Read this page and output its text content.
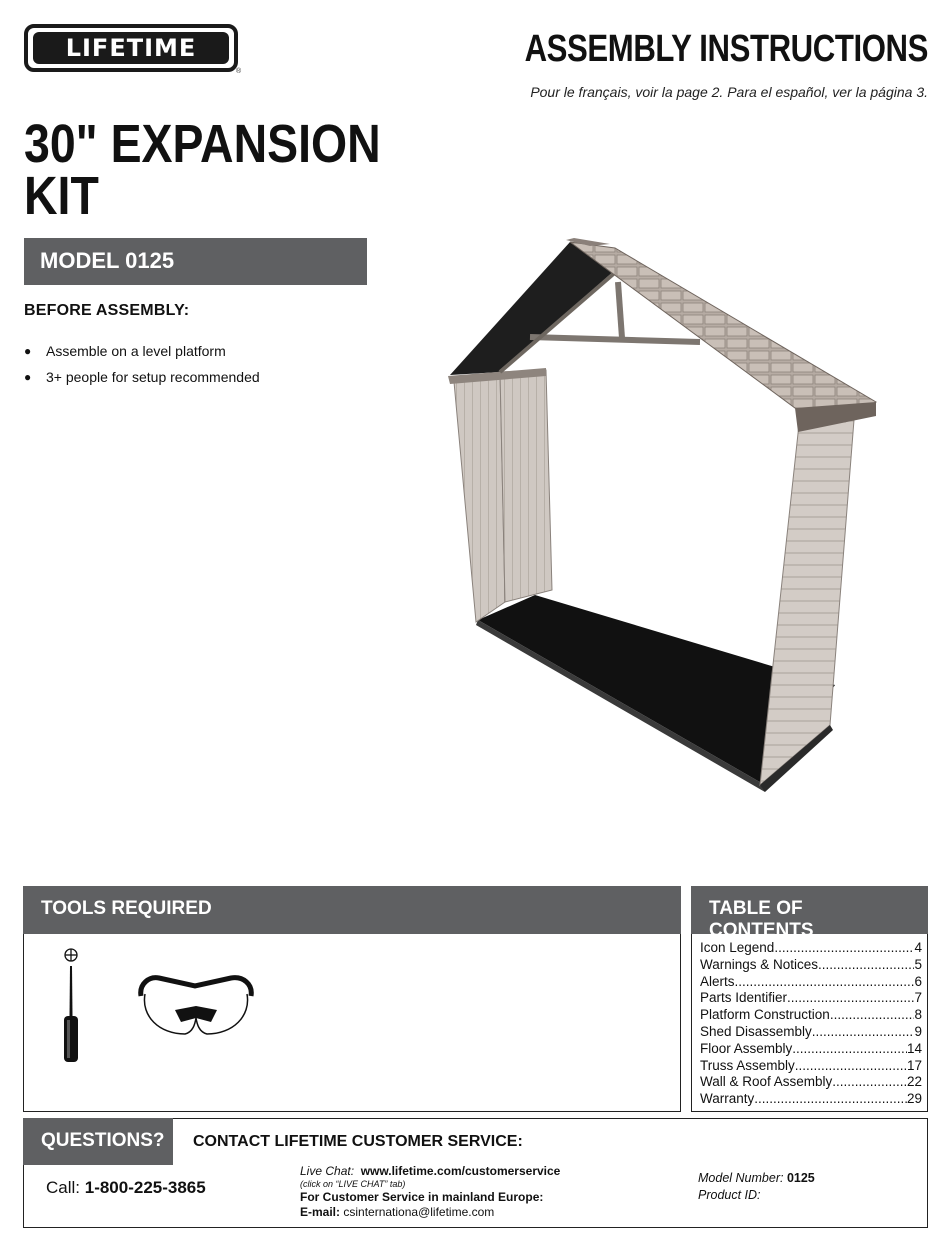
LIFETIME
®
ASSEMBLY INSTRUCTIONS
Pour le français, voir la page 2. Para el español, ver la página 3.
30" EXPANSION
KIT
MODEL 0125
BEFORE ASSEMBLY:
●	Assemble on a level platform
●	3+ people for setup recommended
TOOLS REQUIRED	TABLE OF CONTENTS
Icon Legend .....	4
Warnings & Notices .....	5
Alerts .....	6
Parts Identifier .....	7
Platform Construction .....	8
Shed Disassembly .....	9
Floor Assembly .....	14
Truss Assembly .....	17
Wall & Roof Assembly .....	22
Warranty .....	29
QUESTIONS?	CONTACT LIFETIME CUSTOMER SERVICE:
Call: 1-800-225-3865
Live Chat: www.lifetime.com/customerservice
(click on “LIVE CHAT” tab)
For Customer Service in mainland Europe:
E-mail: csinternationa@lifetime.com
Model Number: 0125
Product ID:
